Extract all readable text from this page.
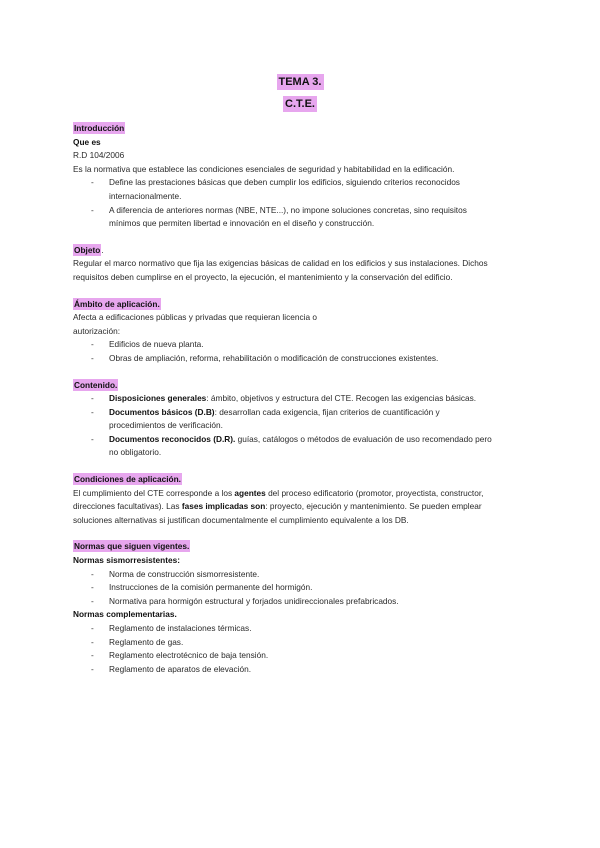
TEMA 3.
C.T.E.
Introducción
Que es
R.D 104/2006
Es la normativa que establece las condiciones esenciales de seguridad y habitabilidad en la edificación.
- Define las prestaciones básicas que deben cumplir los edificios, siguiendo criterios reconocidos
internacionalmente.
- A diferencia de anteriores normas (NBE, NTE...), no impone soluciones concretas, sino requisitos
mínimos que permiten libertad e innovación en el diseño y construcción.
Objeto.
Regular el marco normativo que fija las exigencias básicas de calidad en los edificios y sus instalaciones. Dichos
requisitos deben cumplirse en el proyecto, la ejecución, el mantenimiento y la conservación del edificio.
Ámbito de aplicación.
Afecta a edificaciones públicas y privadas que requieran licencia o
autorización:
- Edificios de nueva planta.
- Obras de ampliación, reforma, rehabilitación o modificación de construcciones existentes.
Contenido.
- Disposiciones generales: ámbito, objetivos y estructura del CTE. Recogen las exigencias básicas.
- Documentos básicos (D.B): desarrollan cada exigencia, fijan criterios de cuantificación y
procedimientos de verificación.
- Documentos reconocidos (D.R). guías, catálogos o métodos de evaluación de uso recomendado pero
no obligatorio.
Condiciones de aplicación.
El cumplimiento del CTE corresponde a los agentes del proceso edificatorio (promotor, proyectista, constructor,
direcciones facultativas). Las fases implicadas son: proyecto, ejecución y mantenimiento. Se pueden emplear
soluciones alternativas si justifican documentalmente el cumplimiento equivalente a los DB.
Normas que siguen vigentes.
Normas sismorresistentes:
- Norma de construcción sismorresistente.
- Instrucciones de la comisión permanente del hormigón.
- Normativa para hormigón estructural y forjados unidireccionales prefabricados.
Normas complementarias.
- Reglamento de instalaciones térmicas.
- Reglamento de gas.
- Reglamento electrotécnico de baja tensión.
- Reglamento de aparatos de elevación.
